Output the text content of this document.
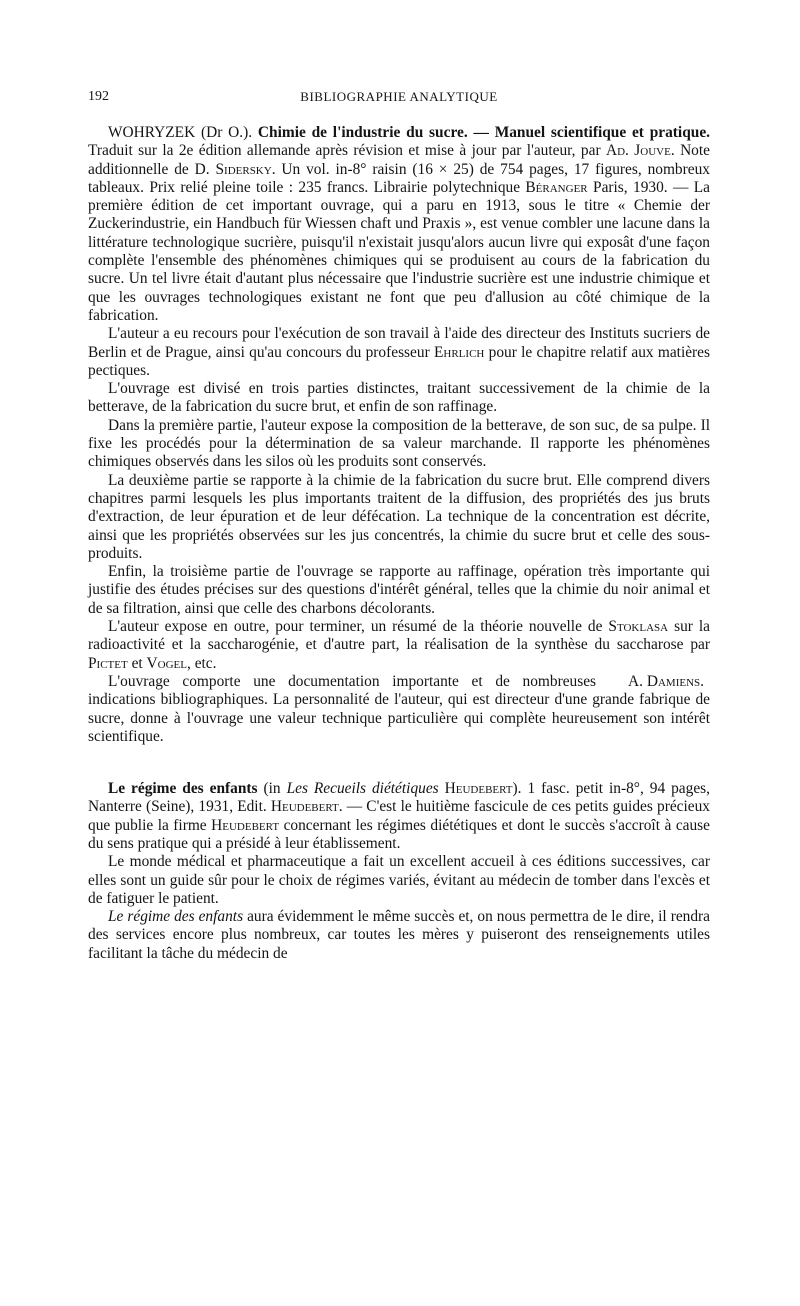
192	BIBLIOGRAPHIE ANALYTIQUE

WOHRYZEK (Dr O.). Chimie de l'industrie du sucre. — Manuel scientifique et pratique. Traduit sur la 2e édition allemande après révision et mise à jour par l'auteur, par Ad. Jouve. Note additionnelle de D. Sidersky. Un vol. in-8° raisin (16 × 25) de 754 pages, 17 figures, nombreux tableaux. Prix relié pleine toile : 235 francs. Librairie polytechnique Béranger Paris, 1930. — La première édition de cet important ouvrage, qui a paru en 1913, sous le titre « Chemie der Zuckerindustrie, ein Handbuch für Wiessen chaft und Praxis », est venue combler une lacune dans la littérature technologique sucrière, puisqu'il n'existait jusqu'alors aucun livre qui exposât d'une façon complète l'ensemble des phénomènes chimiques qui se produisent au cours de la fabrication du sucre. Un tel livre était d'autant plus nécessaire que l'industrie sucrière est une industrie chimique et que les ouvrages technologiques existant ne font que peu d'allusion au côté chimique de la fabrication.

L'auteur a eu recours pour l'exécution de son travail à l'aide des directeur des Instituts sucriers de Berlin et de Prague, ainsi qu'au concours du professeur Ehrlich pour le chapitre relatif aux matières pectiques.

L'ouvrage est divisé en trois parties distinctes, traitant successivement de la chimie de la betterave, de la fabrication du sucre brut, et enfin de son raffinage.

Dans la première partie, l'auteur expose la composition de la betterave, de son suc, de sa pulpe. Il fixe les procédés pour la détermination de sa valeur marchande. Il rapporte les phénomènes chimiques observés dans les silos où les produits sont conservés.

La deuxième partie se rapporte à la chimie de la fabrication du sucre brut. Elle comprend divers chapitres parmi lesquels les plus importants traitent de la diffusion, des propriétés des jus bruts d'extraction, de leur épuration et de leur défécation. La technique de la concentration est décrite, ainsi que les propriétés observées sur les jus concentrés, la chimie du sucre brut et celle des sous-produits.

Enfin, la troisième partie de l'ouvrage se rapporte au raffinage, opération très importante qui justifie des études précises sur des questions d'intérêt général, telles que la chimie du noir animal et de sa filtration, ainsi que celle des charbons décolorants.

L'auteur expose en outre, pour terminer, un résumé de la théorie nouvelle de Stoklasa sur la radioactivité et la saccharogénie, et d'autre part, la réalisation de la synthèse du saccharose par Pictet et Vogel, etc.

A. Damiens.
L'ouvrage comporte une documentation importante et de nombreuses indications bibliographiques. La personnalité de l'auteur, qui est directeur d'une grande fabrique de sucre, donne à l'ouvrage une valeur technique particulière qui complète heureusement son intérêt scientifique.

Le régime des enfants (in Les Recueils diététiques Heudebert). 1 fasc. petit in-8°, 94 pages, Nanterre (Seine), 1931, Edit. Heudebert. — C'est le huitième fascicule de ces petits guides précieux que publie la firme Heudebert concernant les régimes diététiques et dont le succès s'accroît à cause du sens pratique qui a présidé à leur établissement.

Le monde médical et pharmaceutique a fait un excellent accueil à ces éditions successives, car elles sont un guide sûr pour le choix de régimes variés, évitant au médecin de tomber dans l'excès et de fatiguer le patient.

Le régime des enfants aura évidemment le même succès et, on nous permettra de le dire, il rendra des services encore plus nombreux, car toutes les mères y puiseront des renseignements utiles facilitant la tâche du médecin de
